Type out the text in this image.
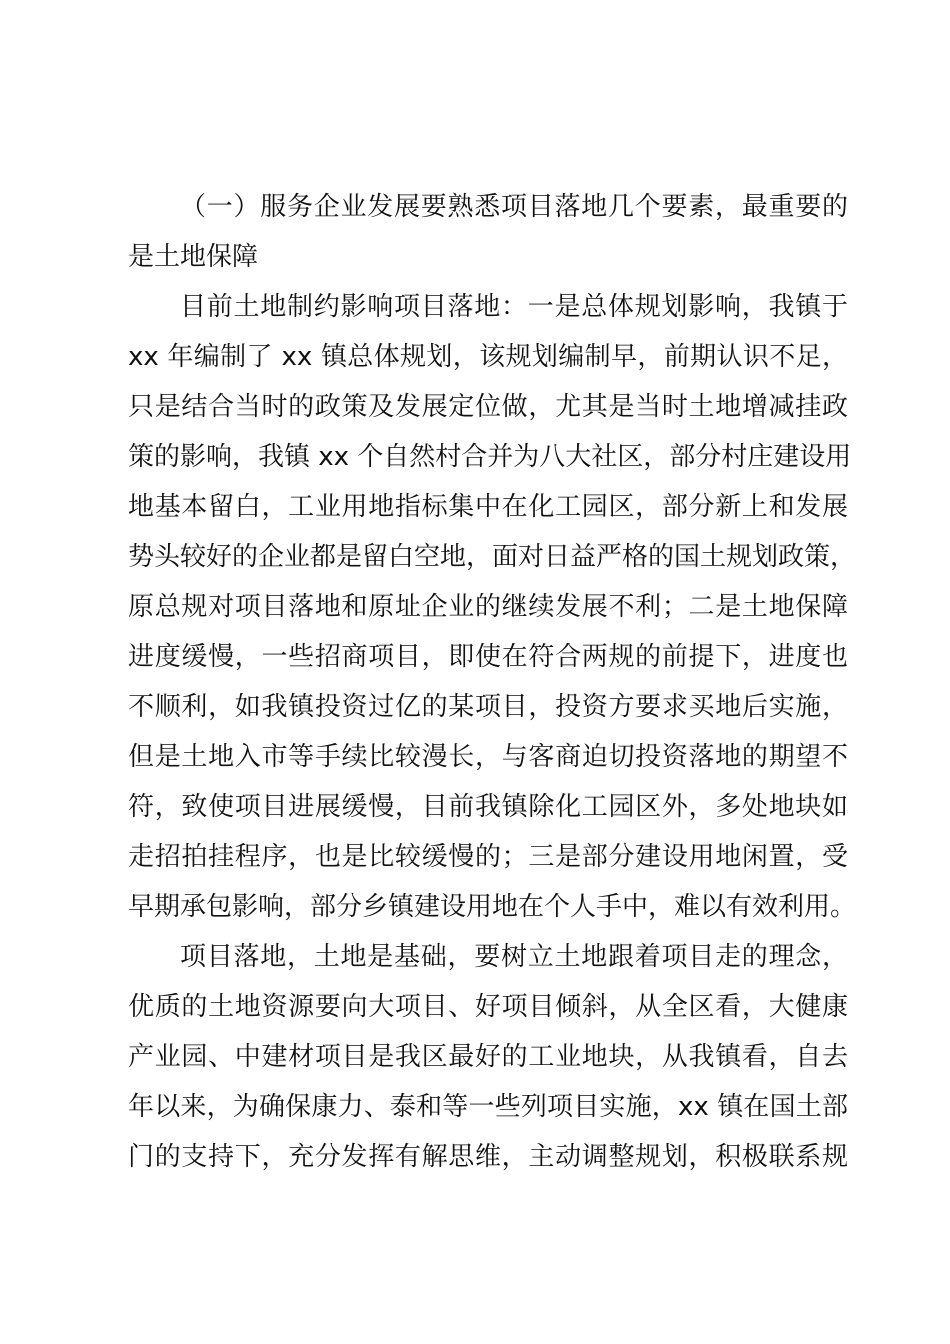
（一）服务企业发展要熟悉项目落地几个要素，最重要的
是土地保障
目前土地制约影响项目落地：一是总体规划影响，我镇于
xx 年编制了 xx 镇总体规划，该规划编制早，前期认识不足，
只是结合当时的政策及发展定位做，尤其是当时土地增减挂政
策的影响，我镇 xx 个自然村合并为八大社区，部分村庄建设用
地基本留白，工业用地指标集中在化工园区，部分新上和发展
势头较好的企业都是留白空地，面对日益严格的国土规划政策，
原总规对项目落地和原址企业的继续发展不利；二是土地保障
进度缓慢，一些招商项目，即使在符合两规的前提下，进度也
不顺利，如我镇投资过亿的某项目，投资方要求买地后实施，
但是土地入市等手续比较漫长，与客商迫切投资落地的期望不
符，致使项目进展缓慢，目前我镇除化工园区外，多处地块如
走招拍挂程序，也是比较缓慢的；三是部分建设用地闲置，受
早期承包影响，部分乡镇建设用地在个人手中，难以有效利用。
项目落地，土地是基础，要树立土地跟着项目走的理念，
优质的土地资源要向大项目、好项目倾斜，从全区看，大健康
产业园、中建材项目是我区最好的工业地块，从我镇看，自去
年以来，为确保康力、泰和等一些列项目实施，xx 镇在国土部
门的支持下，充分发挥有解思维，主动调整规划，积极联系规
